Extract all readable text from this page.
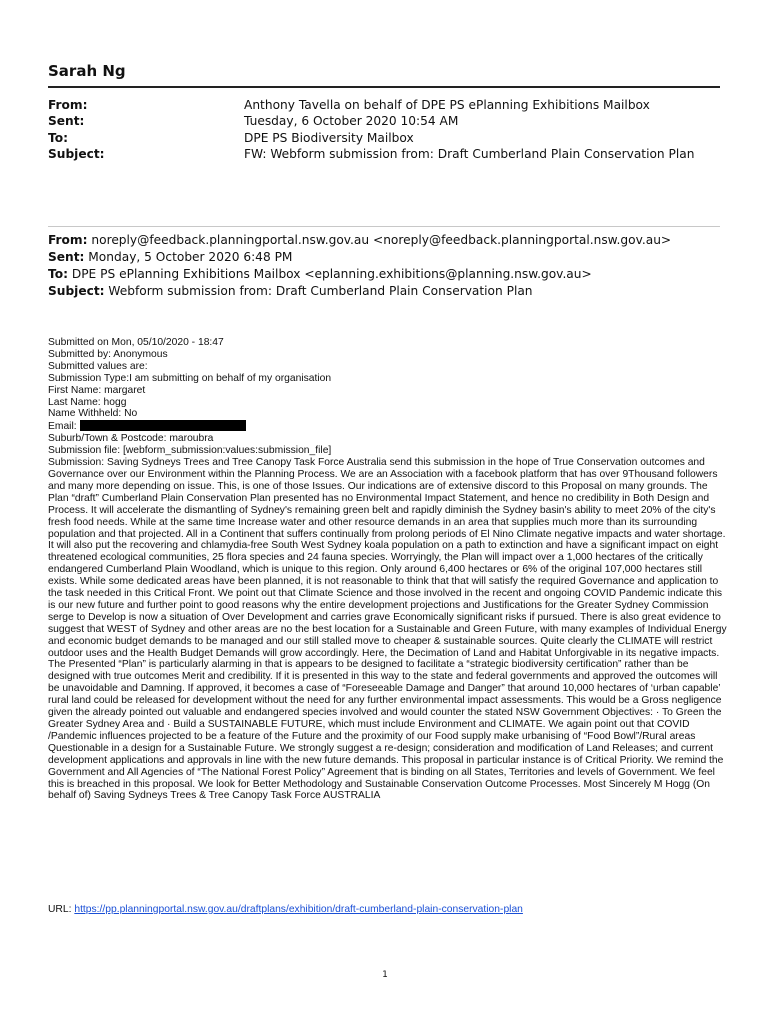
Sarah Ng
From:	Anthony Tavella on behalf of DPE PS ePlanning Exhibitions Mailbox
Sent:	Tuesday, 6 October 2020 10:54 AM
To:	DPE PS Biodiversity Mailbox
Subject:	FW: Webform submission from: Draft Cumberland Plain Conservation Plan
From: noreply@feedback.planningportal.nsw.gov.au <noreply@feedback.planningportal.nsw.gov.au>
Sent: Monday, 5 October 2020 6:48 PM
To: DPE PS ePlanning Exhibitions Mailbox <eplanning.exhibitions@planning.nsw.gov.au>
Subject: Webform submission from: Draft Cumberland Plain Conservation Plan
Submitted on Mon, 05/10/2020 - 18:47
Submitted by: Anonymous
Submitted values are:
Submission Type:I am submitting on behalf of my organisation
First Name: margaret
Last Name: hogg
Name Withheld: No
Email:
Suburb/Town & Postcode: maroubra
Submission file: [webform_submission:values:submission_file]
Submission: Saving Sydneys Trees and Tree Canopy Task Force Australia send this submission in the hope of True Conservation outcomes and Governance over our Environment within the Planning Process. We are an Association with a facebook platform that has over 9Thousand followers and many more depending on issue. This, is one of those Issues. Our indications are of extensive discord to this Proposal on many grounds. The Plan “draft” Cumberland Plain Conservation Plan presented has no Environmental Impact Statement, and hence no credibility in Both Design and Process. It will accelerate the dismantling of Sydney's remaining green belt and rapidly diminish the Sydney basin's ability to meet 20% of the city's fresh food needs. While at the same time Increase water and other resource demands in an area that supplies much more than its surrounding population and that projected. All in a Continent that suffers continually from prolong periods of El Nino Climate negative impacts and water shortage. It will also put the recovering and chlamydia-free South West Sydney koala population on a path to extinction and have a significant impact on eight threatened ecological communities, 25 flora species and 24 fauna species. Worryingly, the Plan will impact over a 1,000 hectares of the critically endangered Cumberland Plain Woodland, which is unique to this region. Only around 6,400 hectares or 6% of the original 107,000 hectares still exists. While some dedicated areas have been planned, it is not reasonable to think that that will satisfy the required Governance and application to the task needed in this Critical Front. We point out that Climate Science and those involved in the recent and ongoing COVID Pandemic indicate this is our new future and further point to good reasons why the entire development projections and Justifications for the Greater Sydney Commission serge to Develop is now a situation of Over Development and carries grave Economically significant risks if pursued. There is also great evidence to suggest that WEST of Sydney and other areas are no the best location for a Sustainable and Green Future, with many examples of Individual Energy and economic budget demands to be managed and our still stalled move to cheaper & sustainable sources. Quite clearly the CLIMATE will restrict outdoor uses and the Health Budget Demands will grow accordingly. Here, the Decimation of Land and Habitat Unforgivable in its negative impacts. The Presented “Plan” is particularly alarming in that is appears to be designed to facilitate a “strategic biodiversity certification” rather than be designed with true outcomes Merit and credibility. If it is presented in this way to the state and federal governments and approved the outcomes will be unavoidable and Damning. If approved, it becomes a case of “Foreseeable Damage and Danger” that around 10,000 hectares of ‘urban capable’ rural land could be released for development without the need for any further environmental impact assessments. This would be a Gross negligence given the already pointed out valuable and endangered species involved and would counter the stated NSW Government Objectives: · To Green the Greater Sydney Area and · Build a SUSTAINABLE FUTURE, which must include Environment and CLIMATE. We again point out that COVID /Pandemic influences projected to be a feature of the Future and the proximity of our Food supply make urbanising of “Food Bowl”/Rural areas Questionable in a design for a Sustainable Future. We strongly suggest a re-design; consideration and modification of Land Releases; and current development applications and approvals in line with the new future demands. This proposal in particular instance is of Critical Priority. We remind the Government and All Agencies of “The National Forest Policy” Agreement that is binding on all States, Territories and levels of Government. We feel this is breached in this proposal. We look for Better Methodology and Sustainable Conservation Outcome Processes. Most Sincerely M Hogg (On behalf of) Saving Sydneys Trees & Tree Canopy Task Force AUSTRALIA
URL: https://pp.planningportal.nsw.gov.au/draftplans/exhibition/draft-cumberland-plain-conservation-plan
1
